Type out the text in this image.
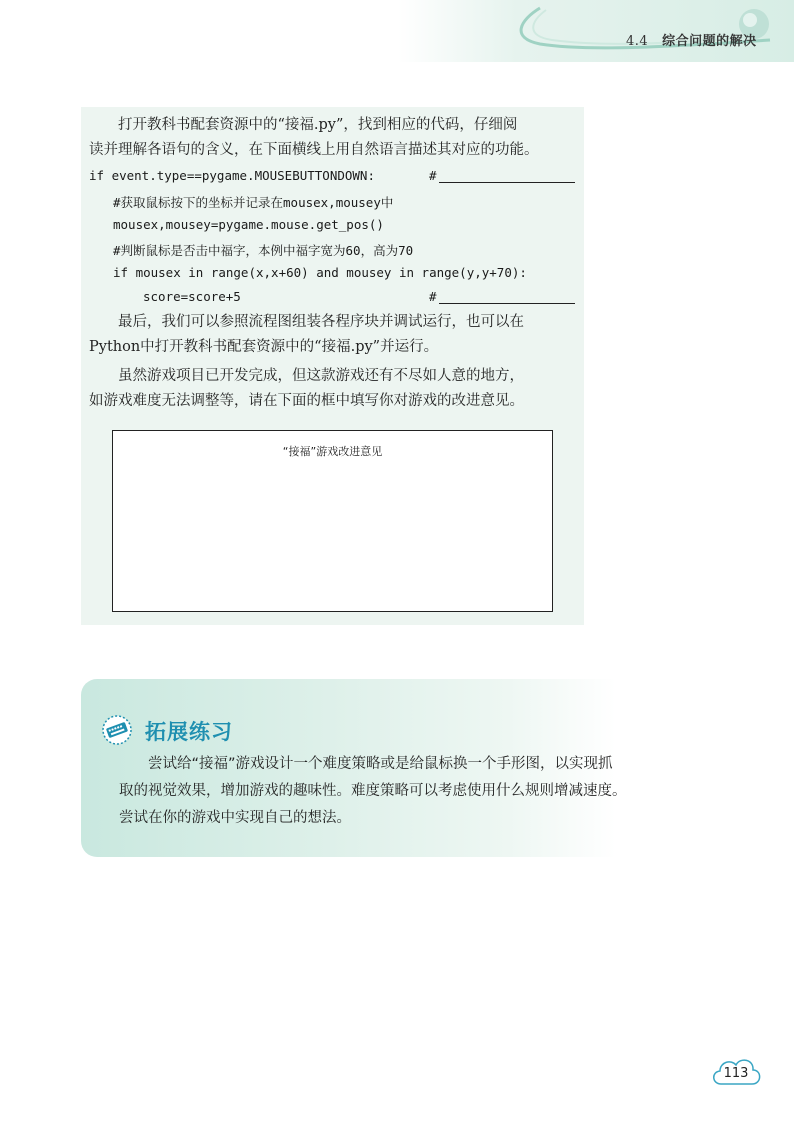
4.4 综合问题的解决
打开教科书配套资源中的“接福.py”，找到相应的代码，仔细阅
读并理解各语句的含义，在下面横线上用自然语言描述其对应的功能。
if event.type==pygame.MOUSEBUTTONDOWN:	#
#获取鼠标按下的坐标并记录在mousex,mousey中
mousex,mousey=pygame.mouse.get_pos()
#判断鼠标是否击中福字，本例中福字宽为60，高为70
if mousex in range(x,x+60) and mousey in range(y,y+70):
score=score+5	#
最后，我们可以参照流程图组装各程序块并调试运行，也可以在
Python中打开教科书配套资源中的“接福.py”并运行。
虽然游戏项目已开发完成，但这款游戏还有不尽如人意的地方，
如游戏难度无法调整等，请在下面的框中填写你对游戏的改进意见。
“接福”游戏改进意见
拓展练习
尝试给“接福”游戏设计一个难度策略或是给鼠标换一个手形图，以实现抓
取的视觉效果，增加游戏的趣味性。难度策略可以考虑使用什么规则增减速度。
尝试在你的游戏中实现自己的想法。
113
